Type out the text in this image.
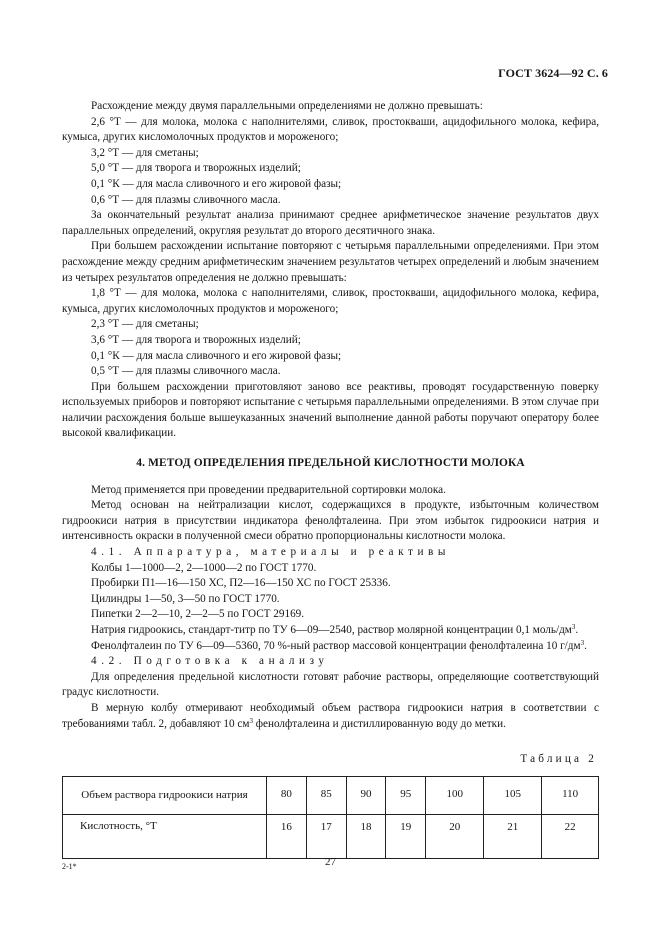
ГОСТ 3624—92 С. 6

Расхождение между двумя параллельными определениями не должно превышать:

2,6 °Т — для молока, молока с наполнителями, сливок, простокваши, ацидофильного молока, кефира, кумыса, других кисломолочных продуктов и мороженого;

3,2 °Т — для сметаны;

5,0 °Т — для творога и творожных изделий;

0,1 °К — для масла сливочного и его жировой фазы;

0,6 °Т — для плазмы сливочного масла.

За окончательный результат анализа принимают среднее арифметическое значение результатов двух параллельных определений, округляя результат до второго десятичного знака.

При большем расхождении испытание повторяют с четырьмя параллельными определениями. При этом расхождение между средним арифметическим значением результатов четырех определений и любым значением из четырех результатов определения не должно превышать:

1,8 °Т — для молока, молока с наполнителями, сливок, простокваши, ацидофильного молока, кефира, кумыса, других кисломолочных продуктов и мороженого;

2,3 °Т — для сметаны;

3,6 °Т — для творога и творожных изделий;

0,1 °К — для масла сливочного и его жировой фазы;

0,5 °Т — для плазмы сливочного масла.

При большем расхождении приготовляют заново все реактивы, проводят государственную поверку используемых приборов и повторяют испытание с четырьмя параллельными определениями. В этом случае при наличии расхождения больше вышеуказанных значений выполнение данной работы поручают оператору более высокой квалификации.

4. МЕТОД ОПРЕДЕЛЕНИЯ ПРЕДЕЛЬНОЙ КИСЛОТНОСТИ МОЛОКА

Метод применяется при проведении предварительной сортировки молока.

Метод основан на нейтрализации кислот, содержащихся в продукте, избыточным количеством гидроокиси натрия в присутствии индикатора фенолфталеина. При этом избыток гидроокиси натрия и интенсивность окраски в полученной смеси обратно пропорциональны кислотности молока.

4.1. Аппаратура, материалы и реактивы

Колбы 1—1000—2, 2—1000—2 по ГОСТ 1770.

Пробирки П1—16—150 ХС, П2—16—150 ХС по ГОСТ 25336.

Цилиндры 1—50, 3—50 по ГОСТ 1770.

Пипетки 2—2—10, 2—2—5 по ГОСТ 29169.

Натрия гидроокись, стандарт-титр по ТУ 6—09—2540, раствор молярной концентрации 0,1 моль/$дм^3$.

Фенолфталеин по ТУ 6—09—5360, 70 %-ный раствор массовой концентрации фенолфталеина 10 $г/дм^3$.

4.2. Подготовка к анализу

Для определения предельной кислотности готовят рабочие растворы, определяющие соответствующий градус кислотности.

В мерную колбу отмеривают необходимый объем раствора гидроокиси натрия в соответствии с требованиями табл. 2, добавляют 10 $см^3$ фенолфталеина и дистиллированную воду до метки.

Таблица 2
Объем раствора гидроокиси натрия	80	85	90	95	100	105	110
Кислотность, °Т	16	17	18	19	20	21	22
2-1*	27
